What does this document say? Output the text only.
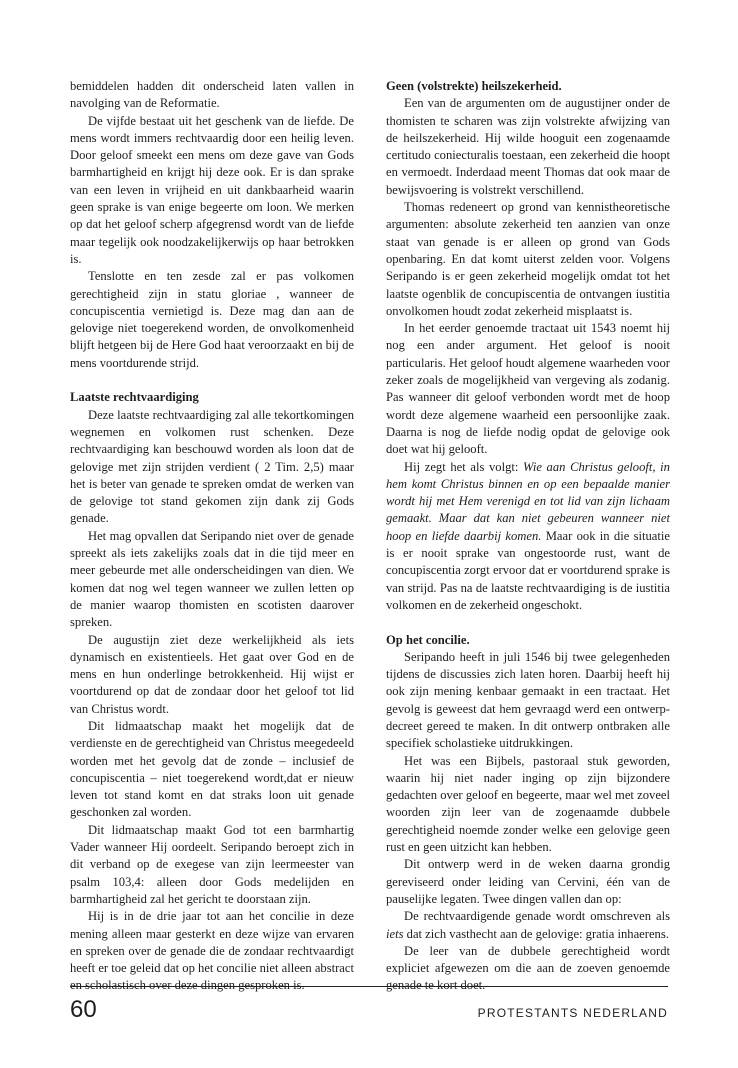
bemiddelen hadden dit onderscheid laten vallen in navolging van de Reformatie.

De vijfde bestaat uit het geschenk van de liefde. De mens wordt immers rechtvaardig door een heilig leven. Door geloof smeekt een mens om deze gave van Gods barmhartigheid en krijgt hij deze ook. Er is dan sprake van een leven in vrijheid en uit dankbaarheid waarin geen sprake is van enige begeerte om loon. We merken op dat het geloof scherp afgegrensd wordt van de liefde maar tegelijk ook noodzakelijkerwijs op haar betrokken is.

Tenslotte en ten zesde zal er pas volkomen gerechtigheid zijn in statu gloriae , wanneer de concupiscentia vernietigd is. Deze mag dan aan de gelovige niet toegerekend worden, de onvolkomenheid blijft hetgeen bij de Here God haat veroorzaakt en bij de mens voortdurende strijd.

Laatste rechtvaardiging

Deze laatste rechtvaardiging zal alle tekortkomingen wegnemen en volkomen rust schenken. Deze rechtvaardiging kan beschouwd worden als loon dat de gelovige met zijn strijden verdient ( 2 Tim. 2,5) maar het is beter van genade te spreken omdat de werken van de gelovige tot stand gekomen zijn dank zij Gods genade.

Het mag opvallen dat Seripando niet over de genade spreekt als iets zakelijks zoals dat in die tijd meer en meer gebeurde met alle onderscheidingen van dien. We komen dat nog wel tegen wanneer we zullen letten op de manier waarop thomisten en scotisten daarover spreken.

De augustijn ziet deze werkelijkheid als iets dynamisch en existentieels. Het gaat over God en de mens en hun onderlinge betrokkenheid. Hij wijst er voortdurend op dat de zondaar door het geloof tot lid van Christus wordt.

Dit lidmaatschap maakt het mogelijk dat de verdienste en de gerechtigheid van Christus meegedeeld worden met het gevolg dat de zonde – inclusief de concupiscentia – niet toegerekend wordt,dat er nieuw leven tot stand komt en dat straks loon uit genade geschonken zal worden.

Dit lidmaatschap maakt God tot een barmhartig Vader wanneer Hij oordeelt. Seripando beroept zich in dit verband op de exegese van zijn leermeester van psalm 103,4: alleen door Gods medelijden en barmhartigheid zal het gericht te doorstaan zijn.

Hij is in de drie jaar tot aan het concilie in deze mening alleen maar gesterkt en deze wijze van ervaren en spreken over de genade die de zondaar rechtvaardigt heeft er toe geleid dat op het concilie niet alleen abstract en scholastisch over deze dingen gesproken is.

Geen (volstrekte) heilszekerheid.

Een van de argumenten om de augustijner onder de thomisten te scharen was zijn volstrekte afwijzing van de heilszekerheid. Hij wilde hooguit een zogenaamde certitudo coniecturalis toestaan, een zekerheid die hoopt en vermoedt. Inderdaad meent Thomas dat ook maar de bewijsvoering is volstrekt verschillend.

Thomas redeneert op grond van kennistheoretische argumenten: absolute zekerheid ten aanzien van onze staat van genade is er alleen op grond van Gods openbaring. En dat komt uiterst zelden voor. Volgens Seripando is er geen zekerheid mogelijk omdat tot het laatste ogenblik de concupiscentia de ontvangen iustitia onvolkomen houdt zodat zekerheid misplaatst is.

In het eerder genoemde tractaat uit 1543 noemt hij nog een ander argument. Het geloof is nooit particularis. Het geloof houdt algemene waarheden voor zeker zoals de mogelijkheid van vergeving als zodanig. Pas wanneer dit geloof verbonden wordt met de hoop wordt deze algemene waarheid een persoonlijke zaak. Daarna is nog de liefde nodig opdat de gelovige ook doet wat hij gelooft.

Hij zegt het als volgt: Wie aan Christus gelooft, in hem komt Christus binnen en op een bepaalde manier wordt hij met Hem verenigd en tot lid van zijn lichaam gemaakt. Maar dat kan niet gebeuren wanneer niet hoop en liefde daarbij komen. Maar ook in die situatie is er nooit sprake van ongestoorde rust, want de concupiscentia zorgt ervoor dat er voortdurend sprake is van strijd. Pas na de laatste rechtvaardiging is de iustitia volkomen en de zekerheid ongeschokt.

Op het concilie.

Seripando heeft in juli 1546 bij twee gelegenheden tijdens de discussies zich laten horen. Daarbij heeft hij ook zijn mening kenbaar gemaakt in een tractaat. Het gevolg is geweest dat hem gevraagd werd een ontwerp-decreet gereed te maken. In dit ontwerp ontbraken alle specifiek scholastieke uitdrukkingen.

Het was een Bijbels, pastoraal stuk geworden, waarin hij niet nader inging op zijn bijzondere gedachten over geloof en begeerte, maar wel met zoveel woorden zijn leer van de zogenaamde dubbele gerechtigheid noemde zonder welke een gelovige geen rust en geen uitzicht kan hebben.

Dit ontwerp werd in de weken daarna grondig gereviseerd onder leiding van Cervini, één van de pauselijke legaten. Twee dingen vallen dan op:

De rechtvaardigende genade wordt omschreven als iets dat zich vasthecht aan de gelovige: gratia inhaerens.

De leer van de dubbele gerechtigheid wordt expliciet afgewezen om die aan de zoeven genoemde genade te kort doet.

60	PROTESTANTS NEDERLAND
